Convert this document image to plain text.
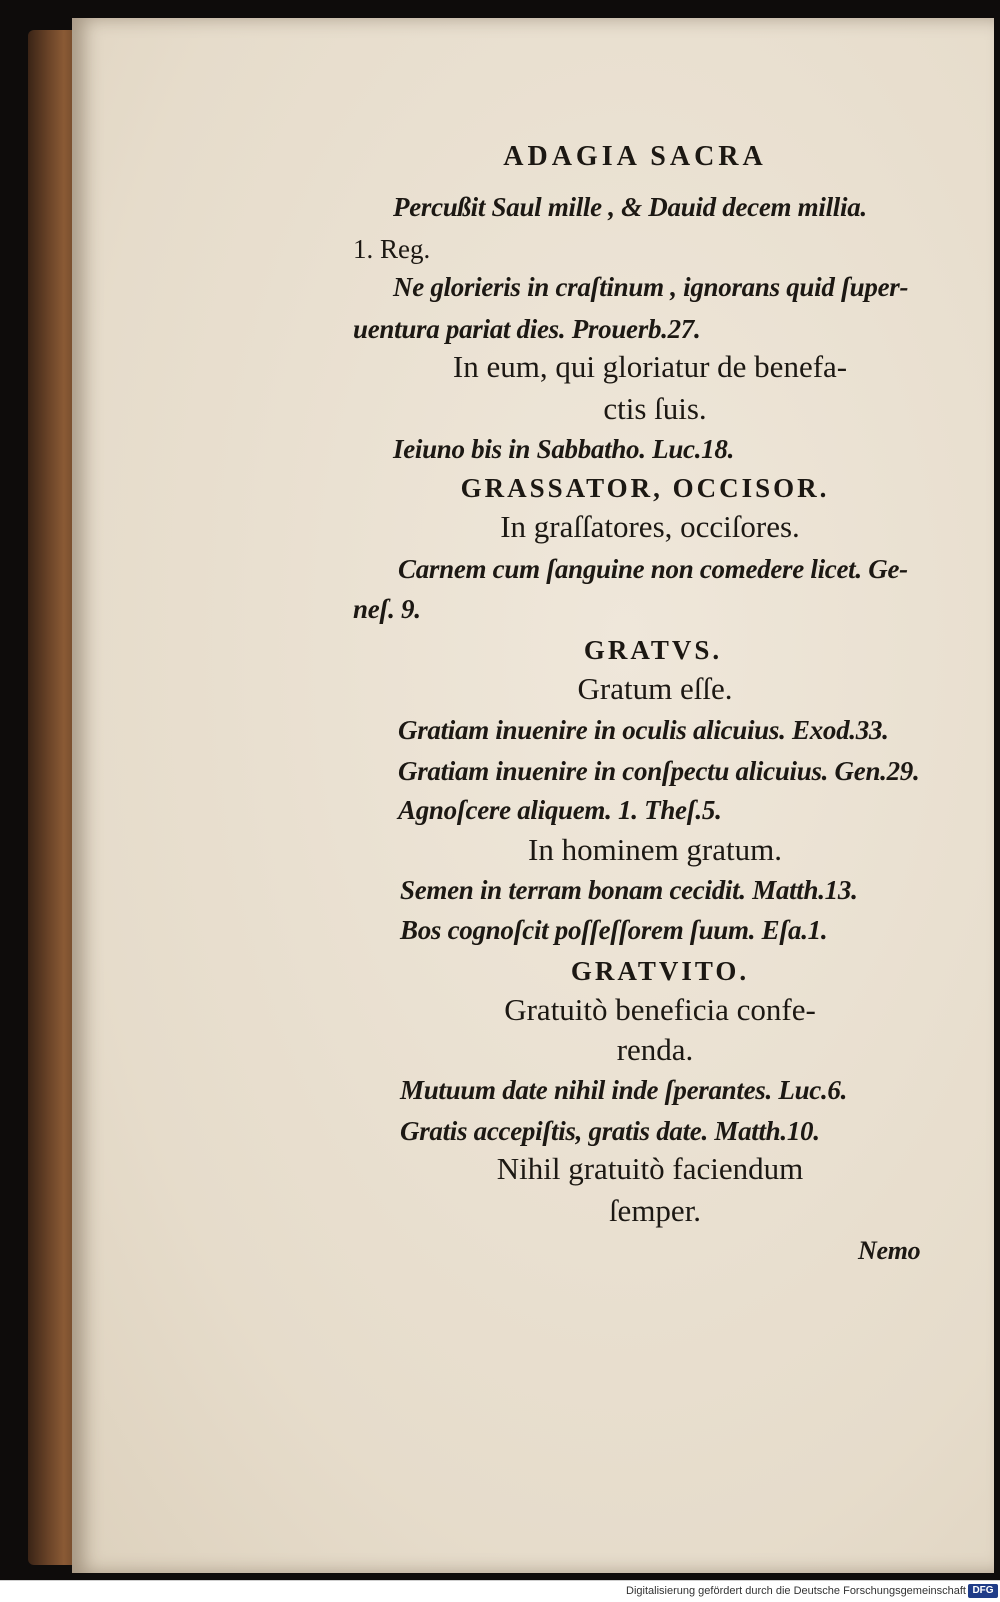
ADAGIA SACRA
Percußit Saul mille , & Dauid decem millia.
1. Reg.
Ne glorieris in craſtinum , ignorans quid ſuper-
uentura pariat dies. Prouerb.27.
In eum, qui gloriatur de benefa-
ctis ſuis.
Ieiuno bis in Sabbatho. Luc.18.
GRASSATOR, OCCISOR.
In graſſatores, occiſores.
Carnem cum ſanguine non comedere licet. Ge-
neſ. 9.
GRATVS.
Gratum eſſe.
Gratiam inuenire in oculis alicuius. Exod.33.
Gratiam inuenire in conſpectu alicuius. Gen.29.
Agnoſcere aliquem. 1. Theſ.5.
In hominem gratum.
Semen in terram bonam cecidit. Matth.13.
Bos cognoſcit poſſeſſorem ſuum. Eſa.1.
GRATVITO.
Gratuitò beneficia confe-
renda.
Mutuum date nihil inde ſperantes. Luc.6.
Gratis accepiſtis, gratis date. Matth.10.
Nihil gratuitò faciendum
ſemper.
Nemo
Digitalisierung gefördert durch die Deutsche Forschungsgemeinschaft DFG
